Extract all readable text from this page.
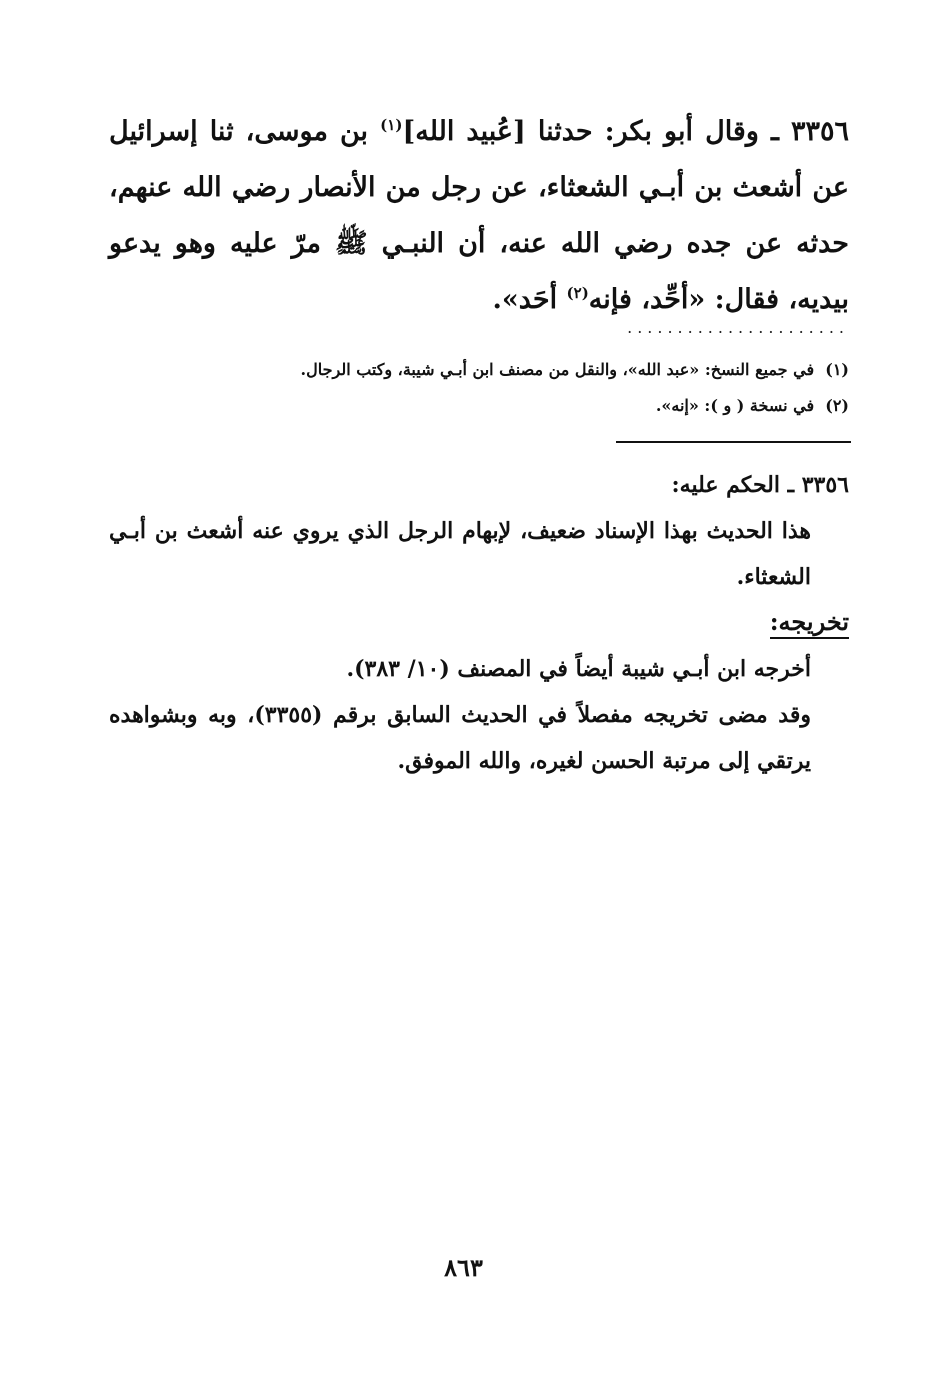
٣٣٥٦ ـ وقال أبو بكر: حدثنا [عُبيد الله]$^{(١)}$ بن موسى، ثنا إسرائيل عن أشعث بن أبـي الشعثاء، عن رجل من الأنصار رضي الله عنهم، حدثه عن جده رضي الله عنه، أن النبـي ﷺ مرّ عليه وهو يدعو بيديه، فقال: «أحِّد، فإنه$^{(٢)}$ أحَد».

......................
(١)  في جميع النسخ: «عبد الله»، والنقل من مصنف ابن أبـي شيبة، وكتب الرجال.
(٢)  في نسخة ( و ): «إنه».
٣٣٥٦ ـ الحكم عليه:

هذا الحديث بهذا الإسناد ضعيف، لإبهام الرجل الذي يروي عنه أشعث بن أبـي الشعثاء.

تخريجه:

أخرجه ابن أبـي شيبة أيضاً في المصنف (١٠/ ٣٨٣).

وقد مضى تخريجه مفصلاً في الحديث السابق برقم (٣٣٥٥)، وبه وبشواهده يرتقي إلى مرتبة الحسن لغيره، والله الموفق.

٨٦٣
